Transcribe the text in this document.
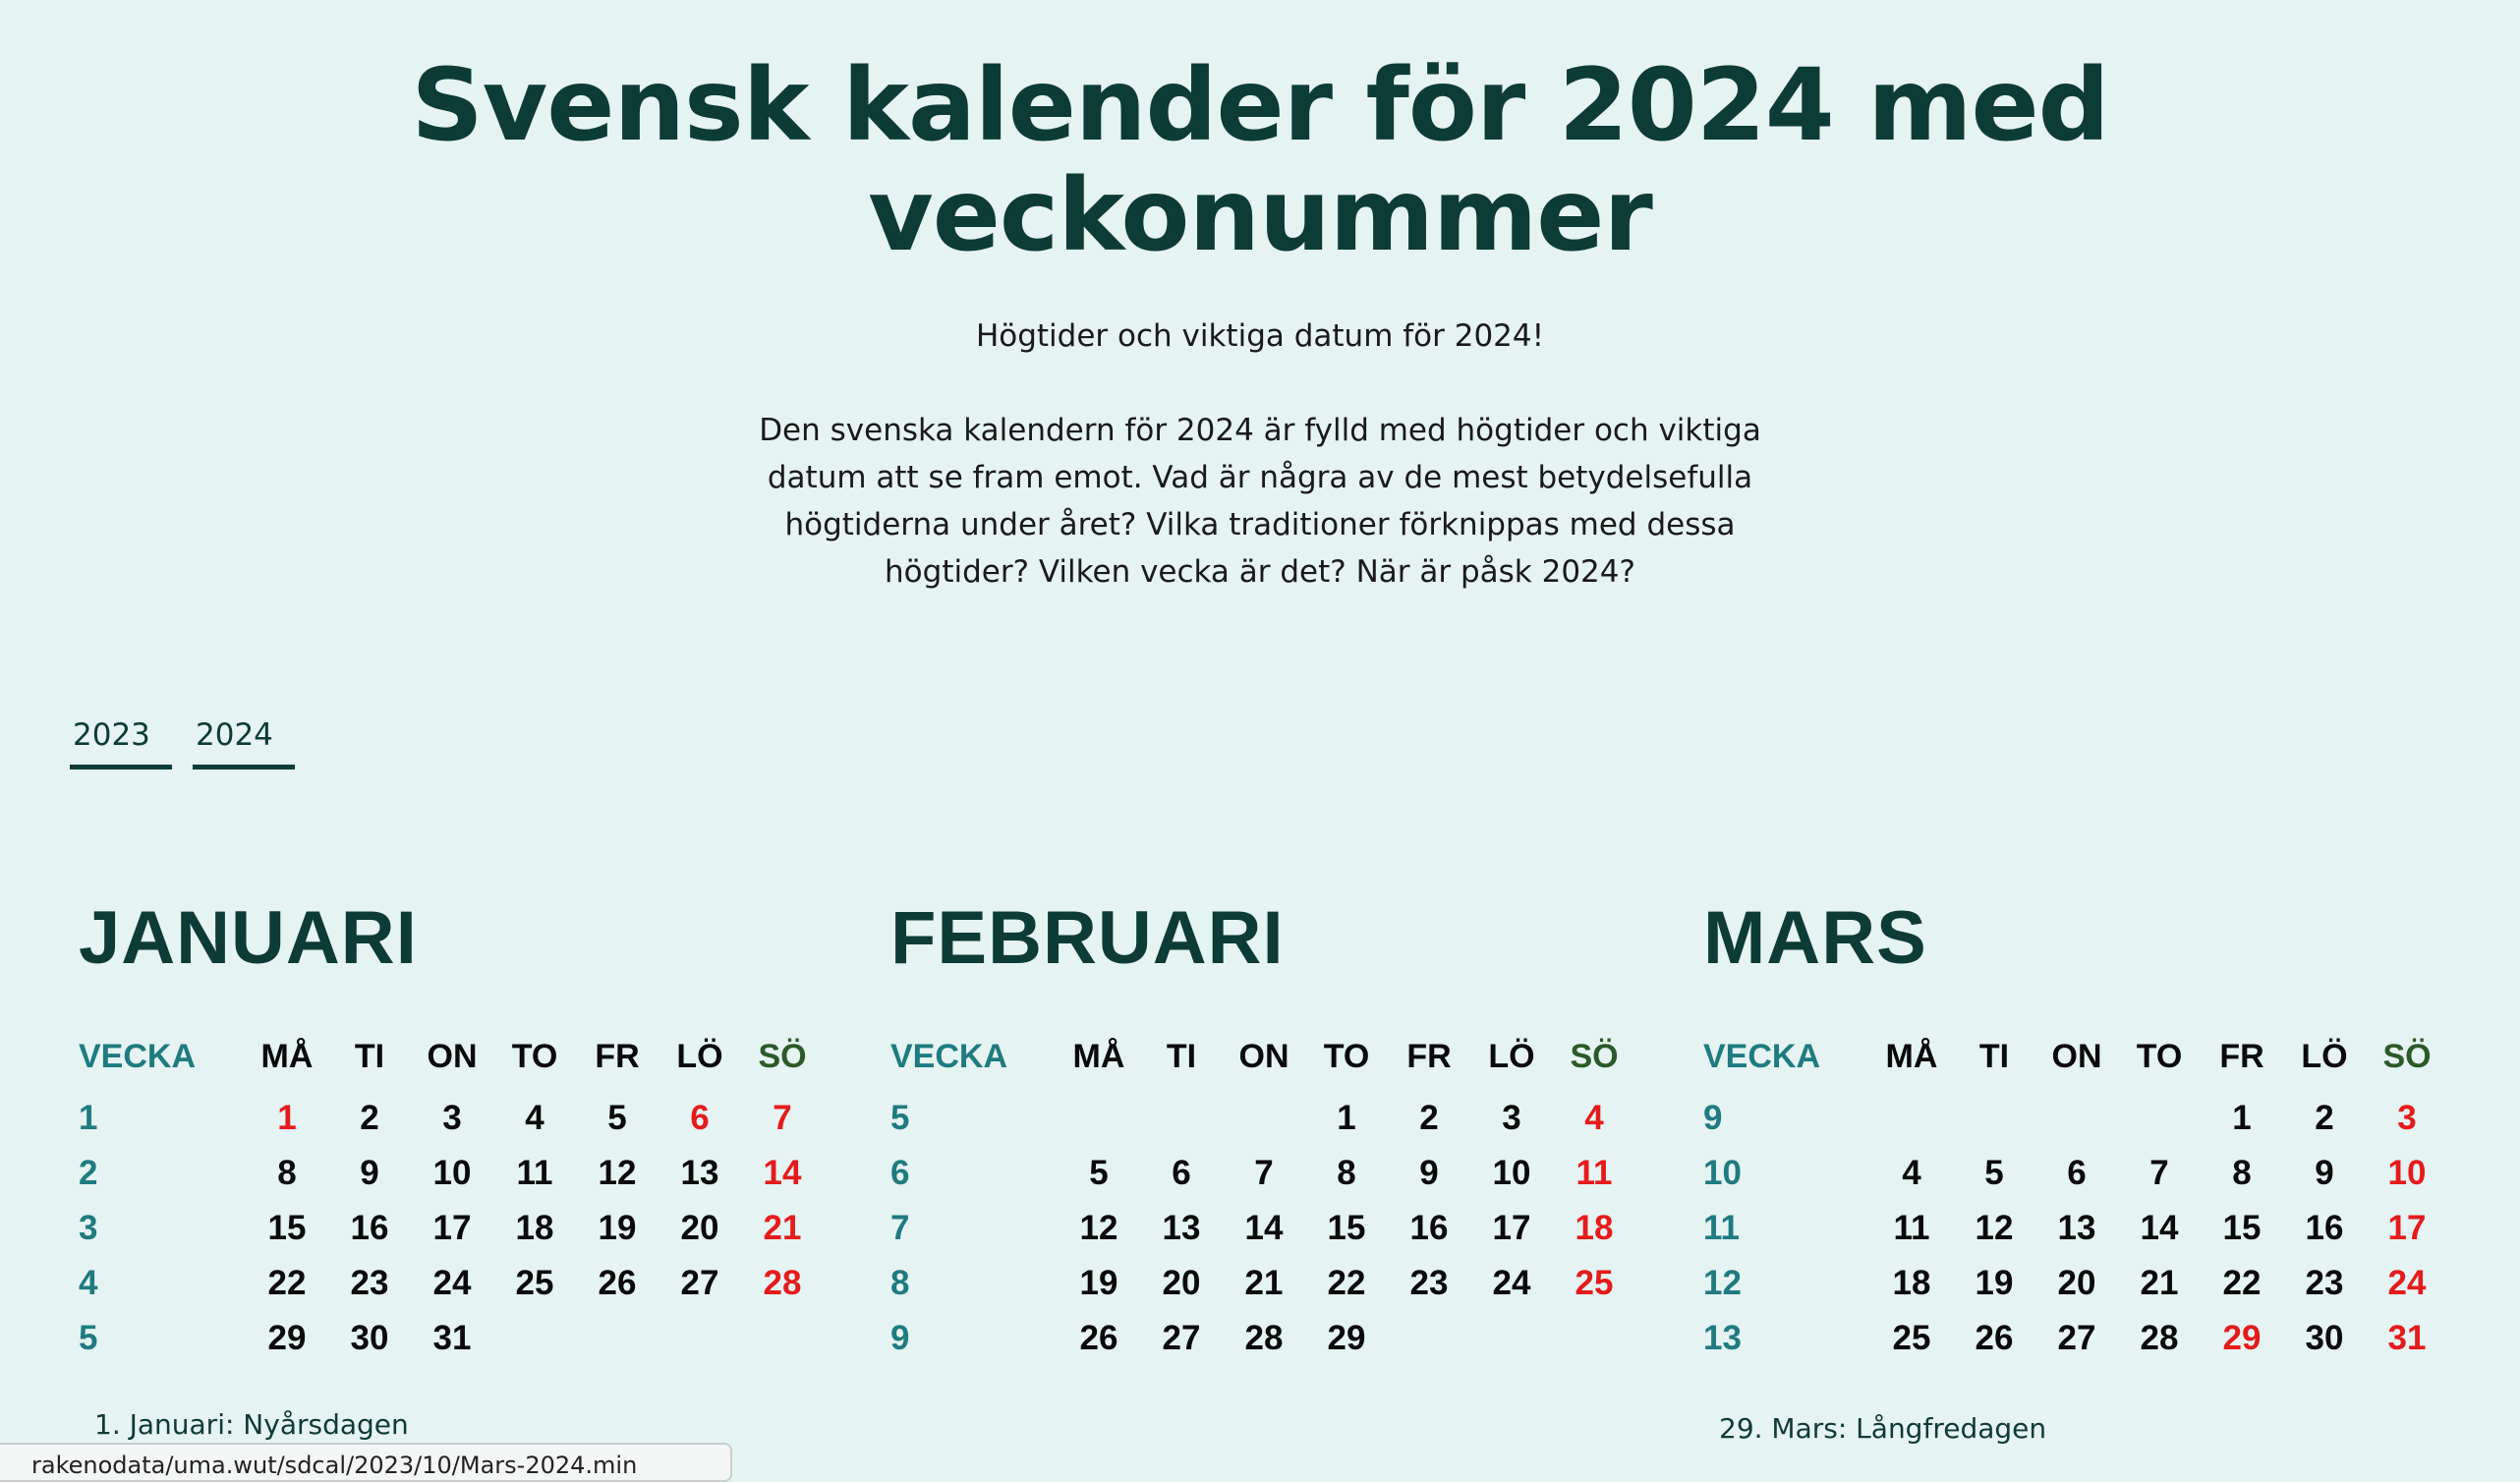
Svensk kalender för 2024 med
veckonummer

Högtider och viktiga datum för 2024!

Den svenska kalendern för 2024 är fylld med högtider och viktiga datum att se fram emot. Vad är några av de mest betydelsefulla högtiderna under året? Vilka traditioner förknippas med dessa högtider? Vilken vecka är det? När är påsk 2024?

2023	2024
JANUARI
VECKA	MÅ	TI	ON	TO	FR	LÖ	SÖ
1	1	2	3	4	5	6	7
2	8	9	10	11	12	13	14
3	15	16	17	18	19	20	21
4	22	23	24	25	26	27	28
5	29	30	31				
FEBRUARI
VECKA	MÅ	TI	ON	TO	FR	LÖ	SÖ
5				1	2	3	4
6	5	6	7	8	9	10	11
7	12	13	14	15	16	17	18
8	19	20	21	22	23	24	25
9	26	27	28	29			
MARS
VECKA	MÅ	TI	ON	TO	FR	LÖ	SÖ
9					1	2	3
10	4	5	6	7	8	9	10
11	11	12	13	14	15	16	17
12	18	19	20	21	22	23	24
13	25	26	27	28	29	30	31

1. Januari: Nyårsdagen	29. Mars: Långfredagen

rakenodata/uma.wut/sdcal/2023/10/Mars-2024.min
